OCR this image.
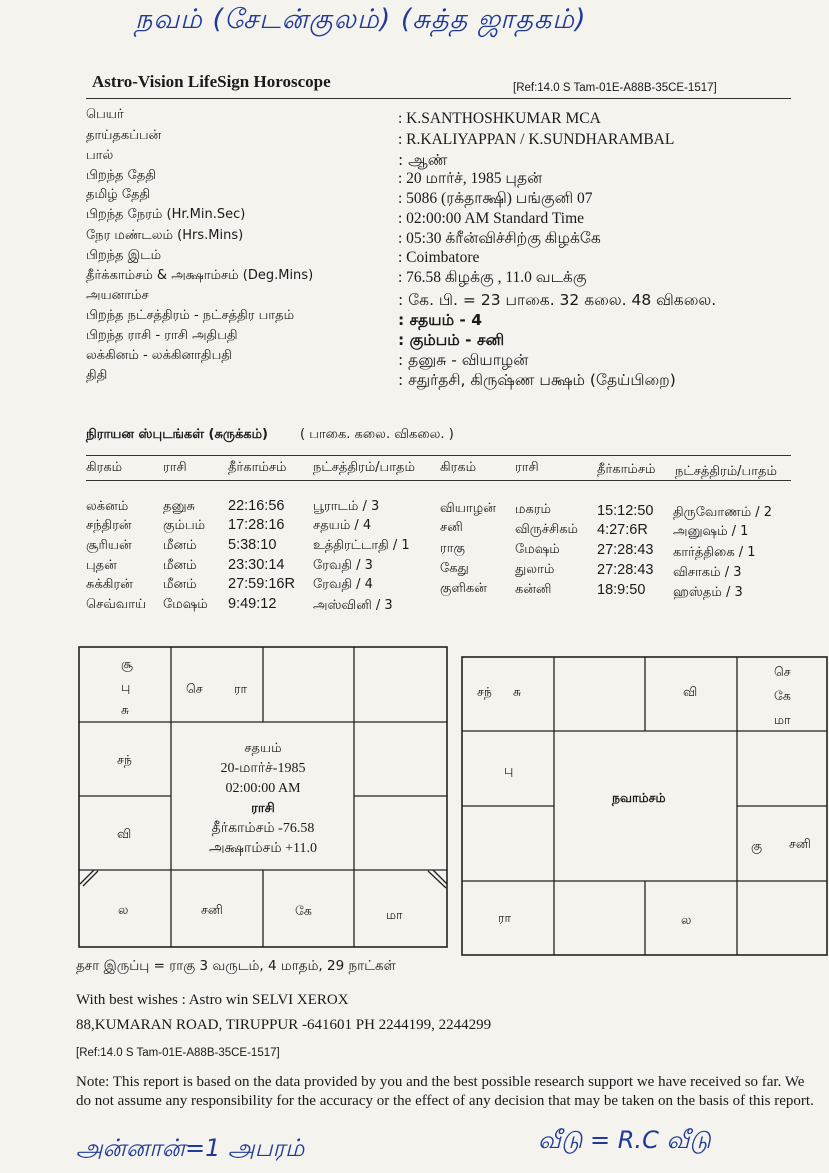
நவம் (சேடன்குலம்) (சுத்த ஜாதகம்)
Astro-Vision LifeSign Horoscope	[Ref:14.0 S Tam-01E-A88B-35CE-1517]
பெயர்	: K.SANTHOSHKUMAR MCA
தாய்தகப்பன்	: R.KALIYAPPAN / K.SUNDHARAMBAL
பால்	: ஆண்
பிறந்த தேதி	: 20 மார்ச், 1985 புதன்
தமிழ் தேதி	: 5086 (ரக்தாக்ஷி) பங்குனி 07
பிறந்த நேரம் (Hr.Min.Sec)	: 02:00:00 AM Standard Time
நேர மண்டலம் (Hrs.Mins)	: 05:30 க்ரீன்விச்சிற்கு கிழக்கே
பிறந்த இடம்	: Coimbatore
தீர்க்காம்சம் & அக்ஷாம்சம் (Deg.Mins)	: 76.58 கிழக்கு , 11.0 வடக்கு
அயனாம்ச	: கே. பி. = 23 பாகை. 32 கலை. 48 விகலை.
பிறந்த நட்சத்திரம் - நட்சத்திர பாதம்	: சதயம் - 4
பிறந்த ராசி - ராசி அதிபதி	: கும்பம் - சனி
லக்கினம் - லக்கினாதிபதி	: தனுசு - வியாழன்
திதி	: சதுர்தசி, கிருஷ்ண பக்ஷம் (தேய்பிறை)
நிராயன ஸ்புடங்கள் (சுருக்கம்) ( பாகை. கலை. விகலை. )
கிரகம்	ராசி	தீர்காம்சம் நட்சத்திரம்/பாதம் கிரகம்	ராசி	தீர்காம்சம் நட்சத்திரம்/பாதம்
லக்னம்	தனுசு 22:16:56 பூராடம் / 3
சந்திரன் கும்பம் 17:28:16 சதயம் / 4
சூரியன் மீனம் 5:38:10	உத்திரட்டாதி / 1
புதன்	மீனம் 23:30:14 ரேவதி / 3
சுக்கிரன் மீனம் 27:59:16R ரேவதி / 4
செவ்வாய் மேஷம் 9:49:12	அஸ்வினி / 3
வியாழன் மகரம்	15:12:50 திருவோணம் / 2
சனி	விருச்சிகம் 4:27:6R அனுஷம் / 1
ராகு	மேஷம்	27:28:43 கார்த்திகை / 1
கேது	துலாம்	27:28:43 விசாகம் / 3
குளிகன் கன்னி	18:9:50 ஹஸ்தம் / 3
சூ
பு
சு
செ	ரா
சந்
வி
ல	சனி	கே	மா
சதயம்
20-மார்ச்-1985
02:00:00 AM
ராசி
தீர்காம்சம் -76.58
அக்ஷாம்சம் +11.0
சந் சு	வி
செ
கே
மா
பு
நவாம்சம்
கு சனி
ரா	ல
தசா இருப்பு = ராகு 3 வருடம், 4 மாதம், 29 நாட்கள்
With best wishes : Astro win SELVI XEROX
88,KUMARAN ROAD, TIRUPPUR -641601 PH 2244199, 2244299
[Ref:14.0 S Tam-01E-A88B-35CE-1517]
Note: This report is based on the data provided by you and the best possible research support we have received so far. We do not assume any responsibility for the accuracy or the effect of any decision that may be taken on the basis of this report.
அன்னான்=1 அபரம்	வீடு = R.C வீடு
